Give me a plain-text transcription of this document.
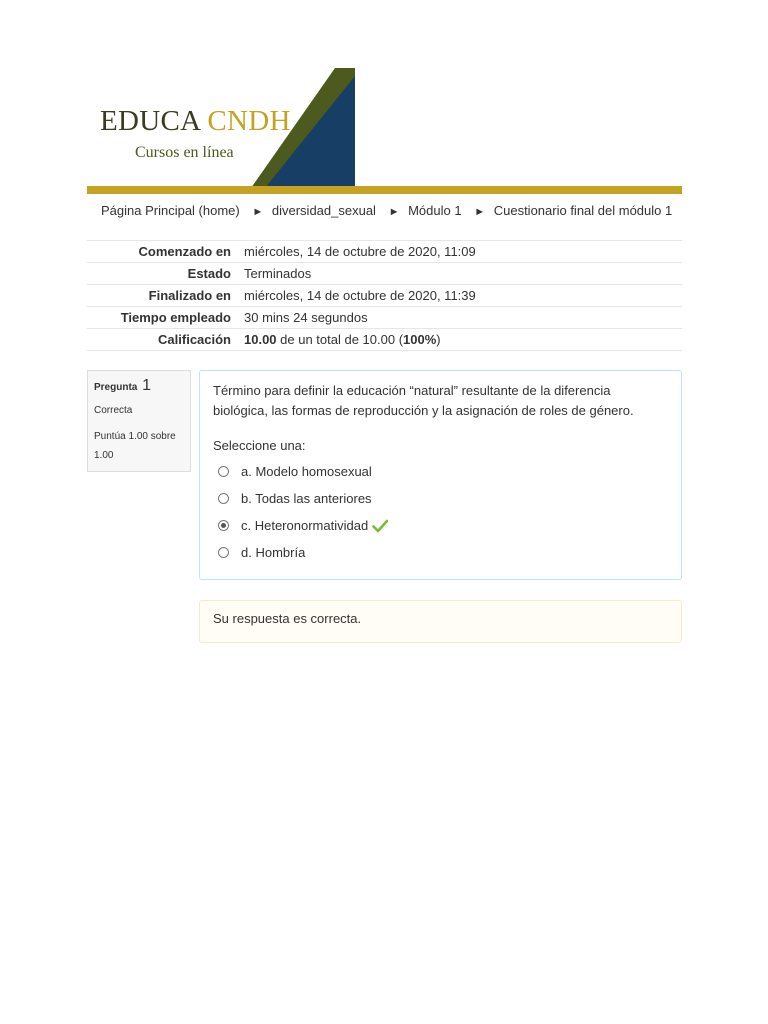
EDUCA CNDH
Cursos en línea
Página Principal (home) ► diversidad_sexual ► Módulo 1 ► Cuestionario final del módulo 1
Comenzado en	miércoles, 14 de octubre de 2020, 11:09
Estado	Terminados
Finalizado en	miércoles, 14 de octubre de 2020, 11:39
Tiempo empleado	30 mins 24 segundos
Calificación	10.00 de un total de 10.00 (100%)
Pregunta 1
Correcta
Puntúa 1.00 sobre 1.00
Término para definir la educación “natural” resultante de la diferencia biológica, las formas de reproducción y la asignación de roles de género.
Seleccione una:
a. Modelo homosexual
b. Todas las anteriores
c. Heteronormatividad
d. Hombría
Su respuesta es correcta.
